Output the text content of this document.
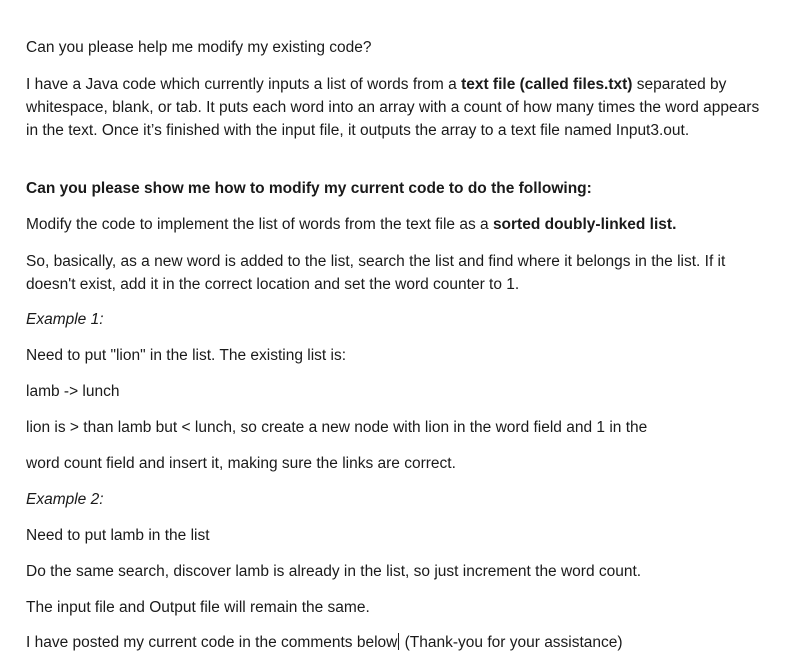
Can you please help me modify my existing code?

I have a Java code which currently inputs a list of words from a text file (called files.txt) separated by whitespace, blank, or tab. It puts each word into an array with a count of how many times the word appears in the text. Once it’s finished with the input file, it outputs the array to a text file named Input3.out.

Can you please show me how to modify my current code to do the following:

Modify the code to implement the list of words from the text file as a sorted doubly-linked list.

So, basically, as a new word is added to the list, search the list and find where it belongs in the list. If it doesn't exist, add it in the correct location and set the word counter to 1.

Example 1:

Need to put "lion" in the list. The existing list is:

lamb -> lunch

lion is > than lamb but < lunch, so create a new node with lion in the word field and 1 in the

word count field and insert it, making sure the links are correct.

Example 2:

Need to put lamb in the list

Do the same search, discover lamb is already in the list, so just increment the word count.

The input file and Output file will remain the same.

I have posted my current code in the comments below (Thank-you for your assistance)
